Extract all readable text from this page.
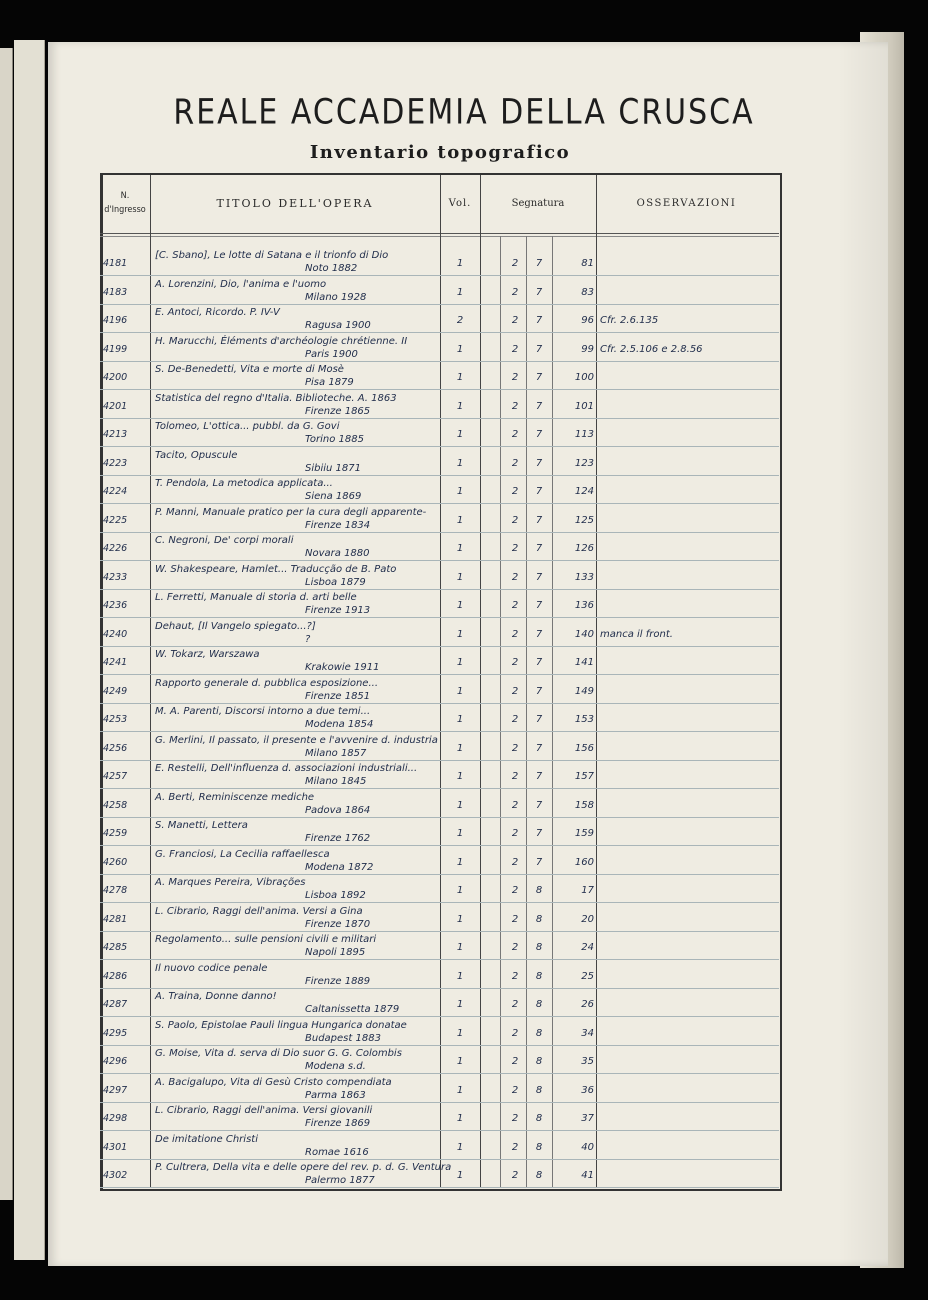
REALE ACCADEMIA DELLA CRUSCA
Inventario topografico
N.
d'Ingresso
TITOLO DELL'OPERA	Vol.	Segnatura	OSSERVAZIONI
4181
[C. Sbano], Le lotte di Satana e il trionfo di Dio
Noto 1882	1	2	7	81
4183
A. Lorenzini, Dio, l'anima e l'uomo
Milano 1928	1	2	7	83
4196
E. Antoci, Ricordo. P. IV-V
Ragusa 1900	2	2	7	96 Cfr. 2.6.135
4199
H. Marucchi, Éléments d'archéologie chrétienne. II
Paris 1900	1	2	7	99 Cfr. 2.5.106 e 2.8.56
4200
S. De-Benedetti, Vita e morte di Mosè
Pisa 1879	1	2	7	100
4201
Statistica del regno d'Italia. Biblioteche. A. 1863
Firenze 1865	1	2	7	101
4213
Tolomeo, L'ottica... pubbl. da G. Govi
Torino 1885	1	2	7	113
4223
Tacito, Opuscule
Sibiiu 1871	1	2	7	123
4224
T. Pendola, La metodica applicata...
Siena 1869	1	2	7	124
4225
P. Manni, Manuale pratico per la cura degli apparente-
Firenze 1834	1	2	7	125
4226
C. Negroni, De' corpi morali
Novara 1880	1	2	7	126
4233
W. Shakespeare, Hamlet... Traducção de B. Pato
Lisboa 1879	1	2	7	133
4236
L. Ferretti, Manuale di storia d. arti belle
Firenze 1913	1	2	7	136
4240
Dehaut, [Il Vangelo spiegato...?]
?	1	2	7	140 manca il front.
4241
W. Tokarz, Warszawa
Krakowie 1911	1	2	7	141
4249
Rapporto generale d. pubblica esposizione...
Firenze 1851	1	2	7	149
4253
M. A. Parenti, Discorsi intorno a due temi...
Modena 1854	1	2	7	153
4256
G. Merlini, Il passato, il presente e l'avvenire d. industria
Milano 1857	1	2	7	156
4257
E. Restelli, Dell'influenza d. associazioni industriali...
Milano 1845	1	2	7	157
4258
A. Berti, Reminiscenze mediche
Padova 1864	1	2	7	158
4259
S. Manetti, Lettera
Firenze 1762	1	2	7	159
4260
G. Franciosi, La Cecilia raffaellesca
Modena 1872	1	2	7	160
4278
A. Marques Pereira, Vibrações
Lisboa 1892	1	2	8	17
4281
L. Cibrario, Raggi dell'anima. Versi a Gina
Firenze 1870	1	2	8	20
4285
Regolamento... sulle pensioni civili e militari
Napoli 1895	1	2	8	24
4286
Il nuovo codice penale
Firenze 1889	1	2	8	25
4287
A. Traina, Donne danno!
Caltanissetta 1879	1	2	8	26
4295
S. Paolo, Epistolae Pauli lingua Hungarica donatae
Budapest 1883	1	2	8	34
4296
G. Moise, Vita d. serva di Dio suor G. G. Colombis
Modena s.d.	1	2	8	35
4297
A. Bacigalupo, Vita di Gesù Cristo compendiata
Parma 1863	1	2	8	36
4298
L. Cibrario, Raggi dell'anima. Versi giovanili
Firenze 1869	1	2	8	37
4301
De imitatione Christi
Romae 1616	1	2	8	40
4302
P. Cultrera, Della vita e delle opere del rev. p. d. G. Ventura
Palermo 1877	1	2	8	41
